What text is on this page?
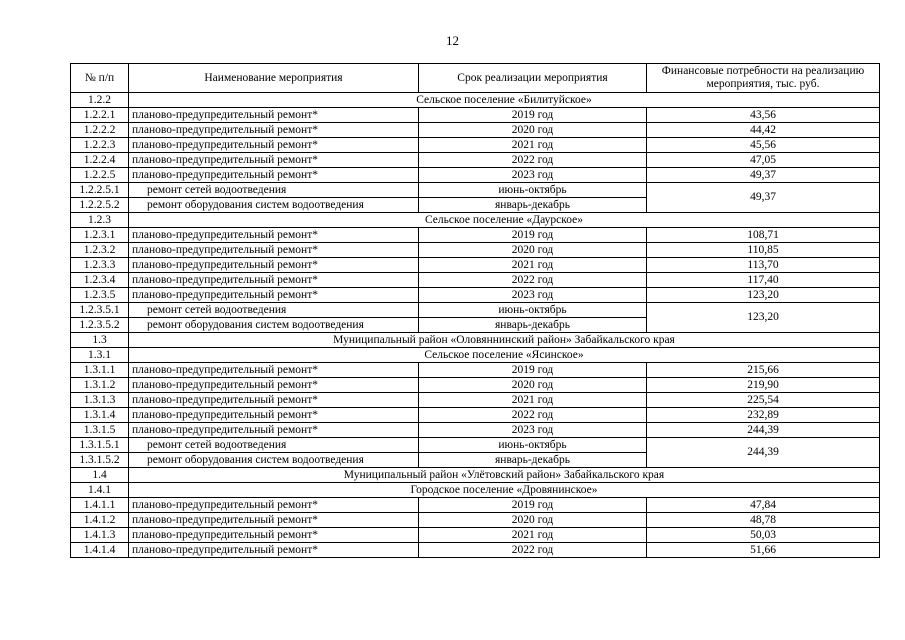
12
№ п/п	Наименование мероприятия	Срок реализации мероприятия	Финансовые потребности на реализацию мероприятия, тыс. руб.
1.2.2	Сельское поселение «Билитуйское»		
1.2.2.1	планово-предупредительный ремонт*	2019 год	43,56
1.2.2.2	планово-предупредительный ремонт*	2020 год	44,42
1.2.2.3	планово-предупредительный ремонт*	2021 год	45,56
1.2.2.4	планово-предупредительный ремонт*	2022 год	47,05
1.2.2.5	планово-предупредительный ремонт*	2023 год	49,37
1.2.2.5.1	ремонт сетей водоотведения	июнь-октябрь	49,37
1.2.2.5.2	ремонт оборудования систем водоотведения	январь-декабрь	
1.2.3	Сельское поселение «Даурское»		
1.2.3.1	планово-предупредительный ремонт*	2019 год	108,71
1.2.3.2	планово-предупредительный ремонт*	2020 год	110,85
1.2.3.3	планово-предупредительный ремонт*	2021 год	113,70
1.2.3.4	планово-предупредительный ремонт*	2022 год	117,40
1.2.3.5	планово-предупредительный ремонт*	2023 год	123,20
1.2.3.5.1	ремонт сетей водоотведения	июнь-октябрь	123,20
1.2.3.5.2	ремонт оборудования систем водоотведения	январь-декабрь	
1.3	Муниципальный район «Оловяннинский район» Забайкальского края		
1.3.1	Сельское поселение «Ясинское»		
1.3.1.1	планово-предупредительный ремонт*	2019 год	215,66
1.3.1.2	планово-предупредительный ремонт*	2020 год	219,90
1.3.1.3	планово-предупредительный ремонт*	2021 год	225,54
1.3.1.4	планово-предупредительный ремонт*	2022 год	232,89
1.3.1.5	планово-предупредительный ремонт*	2023 год	244,39
1.3.1.5.1	ремонт сетей водоотведения	июнь-октябрь	244,39
1.3.1.5.2	ремонт оборудования систем водоотведения	январь-декабрь	
1.4	Муниципальный район «Улётовский район» Забайкальского края		
1.4.1	Городское поселение «Дровянинское»		
1.4.1.1	планово-предупредительный ремонт*	2019 год	47,84
1.4.1.2	планово-предупредительный ремонт*	2020 год	48,78
1.4.1.3	планово-предупредительный ремонт*	2021 год	50,03
1.4.1.4	планово-предупредительный ремонт*	2022 год	51,66
